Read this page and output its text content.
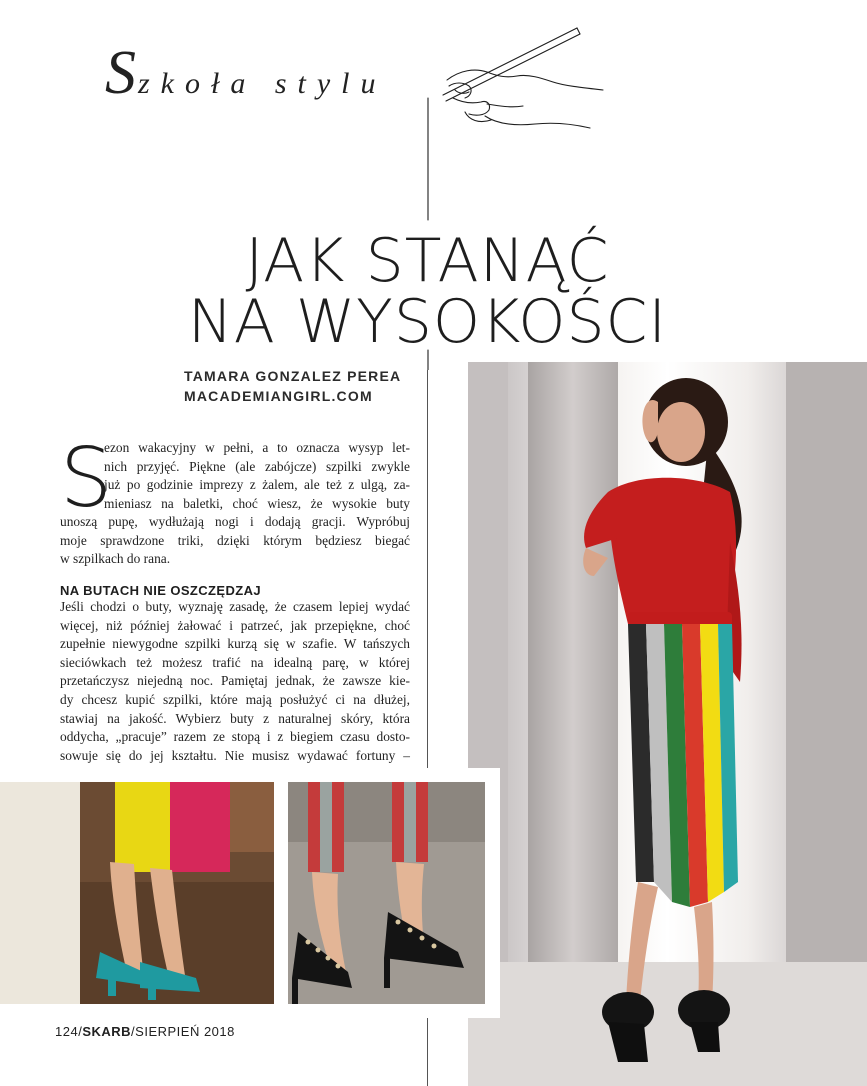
Szkoła stylu
JAK STANĄĆ
NA WYSOKOŚCI
TAMARA GONZALEZ PEREA
MACADEMIANGIRL.COM
S
ezon wakacyjny w pełni, a to oznacza wysyp let-
nich przyjęć. Piękne (ale zabójcze) szpilki zwykle
już po godzinie imprezy z żalem, ale też z ulgą, za-
mieniasz na baletki, choć wiesz, że wysokie buty
unoszą pupę, wydłużają nogi i dodają gracji. Wypróbuj
moje sprawdzone triki, dzięki którym będziesz biegać
w szpilkach do rana.
NA BUTACH NIE OSZCZĘDZAJ
Jeśli chodzi o buty, wyznaję zasadę, że czasem lepiej wydać
więcej, niż później żałować i patrzeć, jak przepiękne, choć
zupełnie niewygodne szpilki kurzą się w szafie. W tańszych
sieciówkach też możesz trafić na idealną parę, w której
przetańczysz niejedną noc. Pamiętaj jednak, że zawsze kie-
dy chcesz kupić szpilki, które mają posłużyć ci na dłużej,
stawiaj na jakość. Wybierz buty z naturalnej skóry, która
oddycha, „pracuje” razem ze stopą i z biegiem czasu dosto-
sowuje się do jej kształtu. Nie musisz wydawać fortuny –
124/SKARB/SIERPIEŃ 2018
